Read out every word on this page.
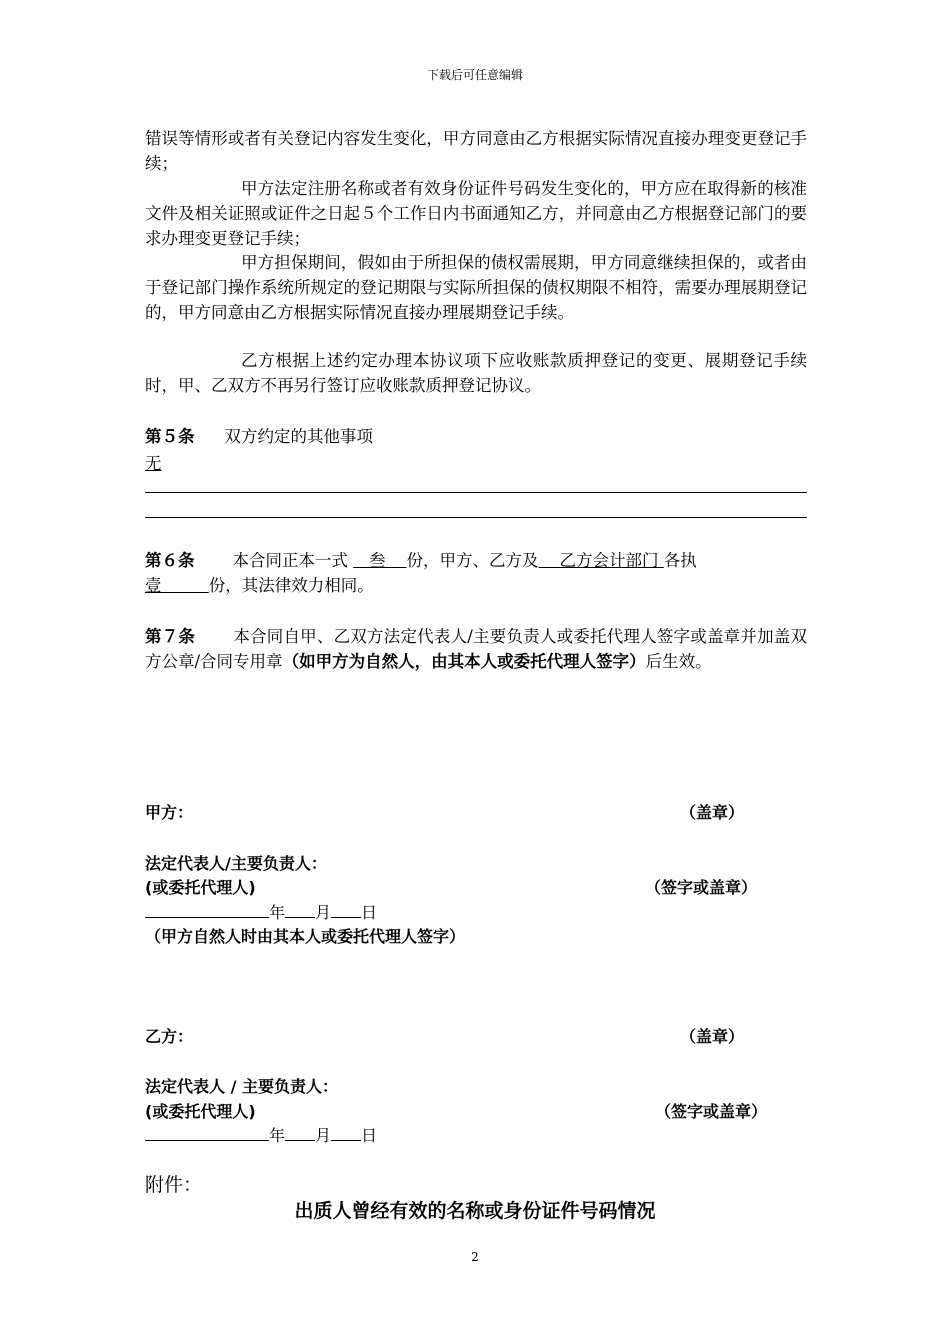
下载后可任意编辑
错误等情形或者有关登记内容发生变化，甲方同意由乙方根据实际情况直接办理变更登记手续；
甲方法定注册名称或者有效身份证件号码发生变化的，甲方应在取得新的核准文件及相关证照或证件之日起５个工作日内书面通知乙方，并同意由乙方根据登记部门的要求办理变更登记手续；
甲方担保期间，假如由于所担保的债权需展期，甲方同意继续担保的，或者由于登记部门操作系统所规定的登记期限与实际所担保的债权期限不相符，需要办理展期登记的，甲方同意由乙方根据实际情况直接办理展期登记手续。
乙方根据上述约定办理本协议项下应收账款质押登记的变更、展期登记手续时，甲、乙双方不再另行签订应收账款质押登记协议。
第５条 双方约定的其他事项
无
第６条 本合同正本一式 叁 份，甲方、乙方及 乙方会计部门 各执
壹	份，其法律效力相同。
第７条 本合同自甲、乙双方法定代表人/主要负责人或委托代理人签字或盖章并加盖双方公章/合同专用章（如甲方为自然人，由其本人或委托代理人签字）后生效。
甲方：	（盖章）
法定代表人/主要负责人：
(或委托代理人)	（签字或盖章）
年 月 日
（甲方自然人时由其本人或委托代理人签字）
乙方：	（盖章）
法定代表人 / 主要负责人：
(或委托代理人)	（签字或盖章）
年 月 日
附件：
出质人曾经有效的名称或身份证件号码情况
2
